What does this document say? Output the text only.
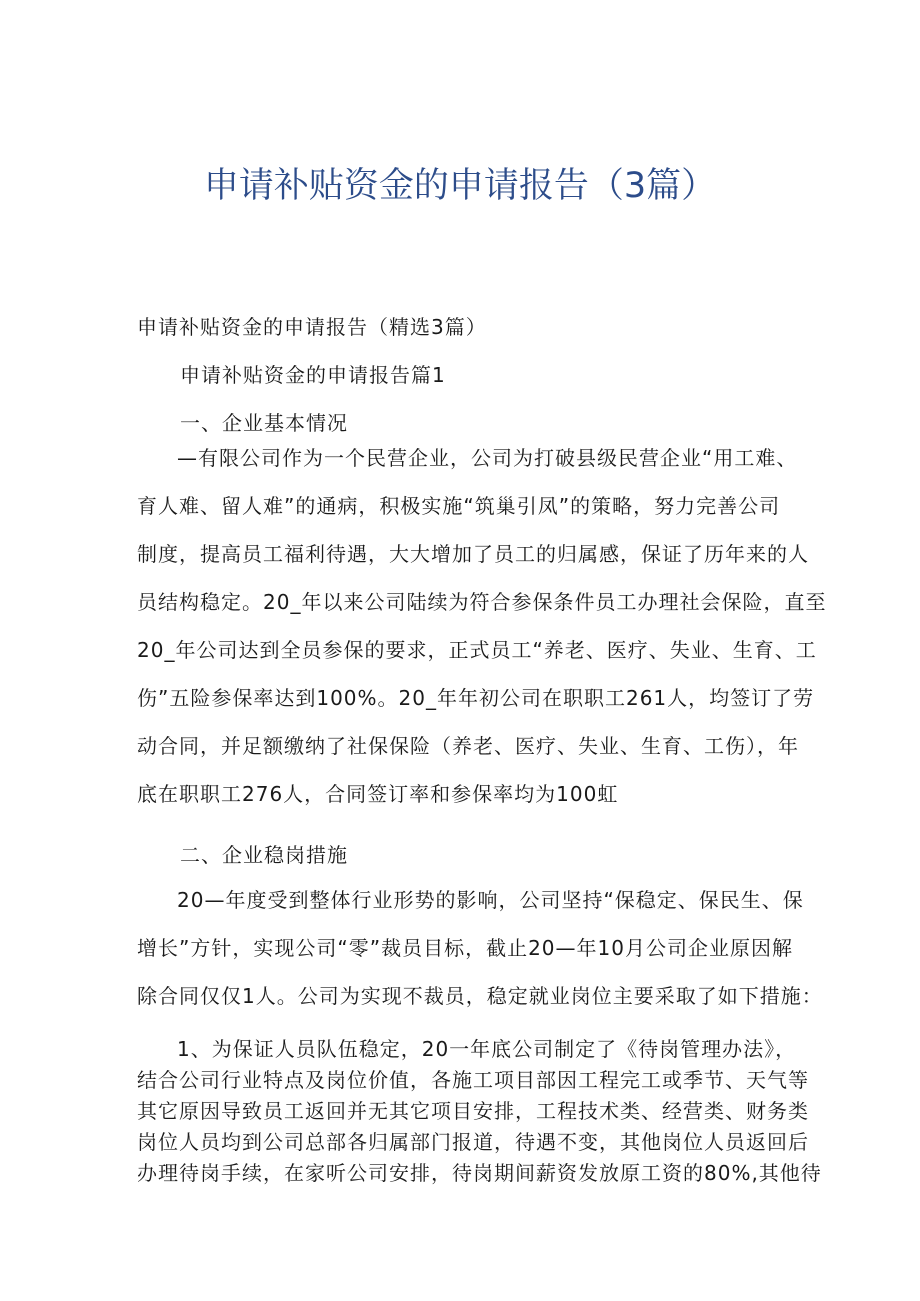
申请补贴资金的申请报告（3篇）

申请补贴资金的申请报告（精选3篇）

申请补贴资金的申请报告篇1

一、企业基本情况

—有限公司作为一个民营企业，公司为打破县级民营企业“用工难、
育人难、留人难”的通病，积极实施“筑巢引凤”的策略，努力完善公司
制度，提高员工福利待遇，大大增加了员工的归属感，保证了历年来的人
员结构稳定。20_年以来公司陆续为符合参保条件员工办理社会保险，直至
20_年公司达到全员参保的要求，正式员工“养老、医疗、失业、生育、工
伤”五险参保率达到100%。20_年年初公司在职职工261人，均签订了劳
动合同，并足额缴纳了社保保险（养老、医疗、失业、生育、工伤），年
底在职职工276人，合同签订率和参保率均为100虹

二、企业稳岗措施

20—年度受到整体行业形势的影响，公司坚持“保稳定、保民生、保
增长”方针，实现公司“零”裁员目标，截止20—年10月公司企业原因解
除合同仅仅1人。公司为实现不裁员，稳定就业岗位主要采取了如下措施：
1、为保证人员队伍稳定，20一年底公司制定了《待岗管理办法》，
结合公司行业特点及岗位价值，各施工项目部因工程完工或季节、天气等
其它原因导致员工返回并无其它项目安排，工程技术类、经营类、财务类
岗位人员均到公司总部各归属部门报道，待遇不变，其他岗位人员返回后
办理待岗手续，在家听公司安排，待岗期间薪资发放原工资的80%,其他待
